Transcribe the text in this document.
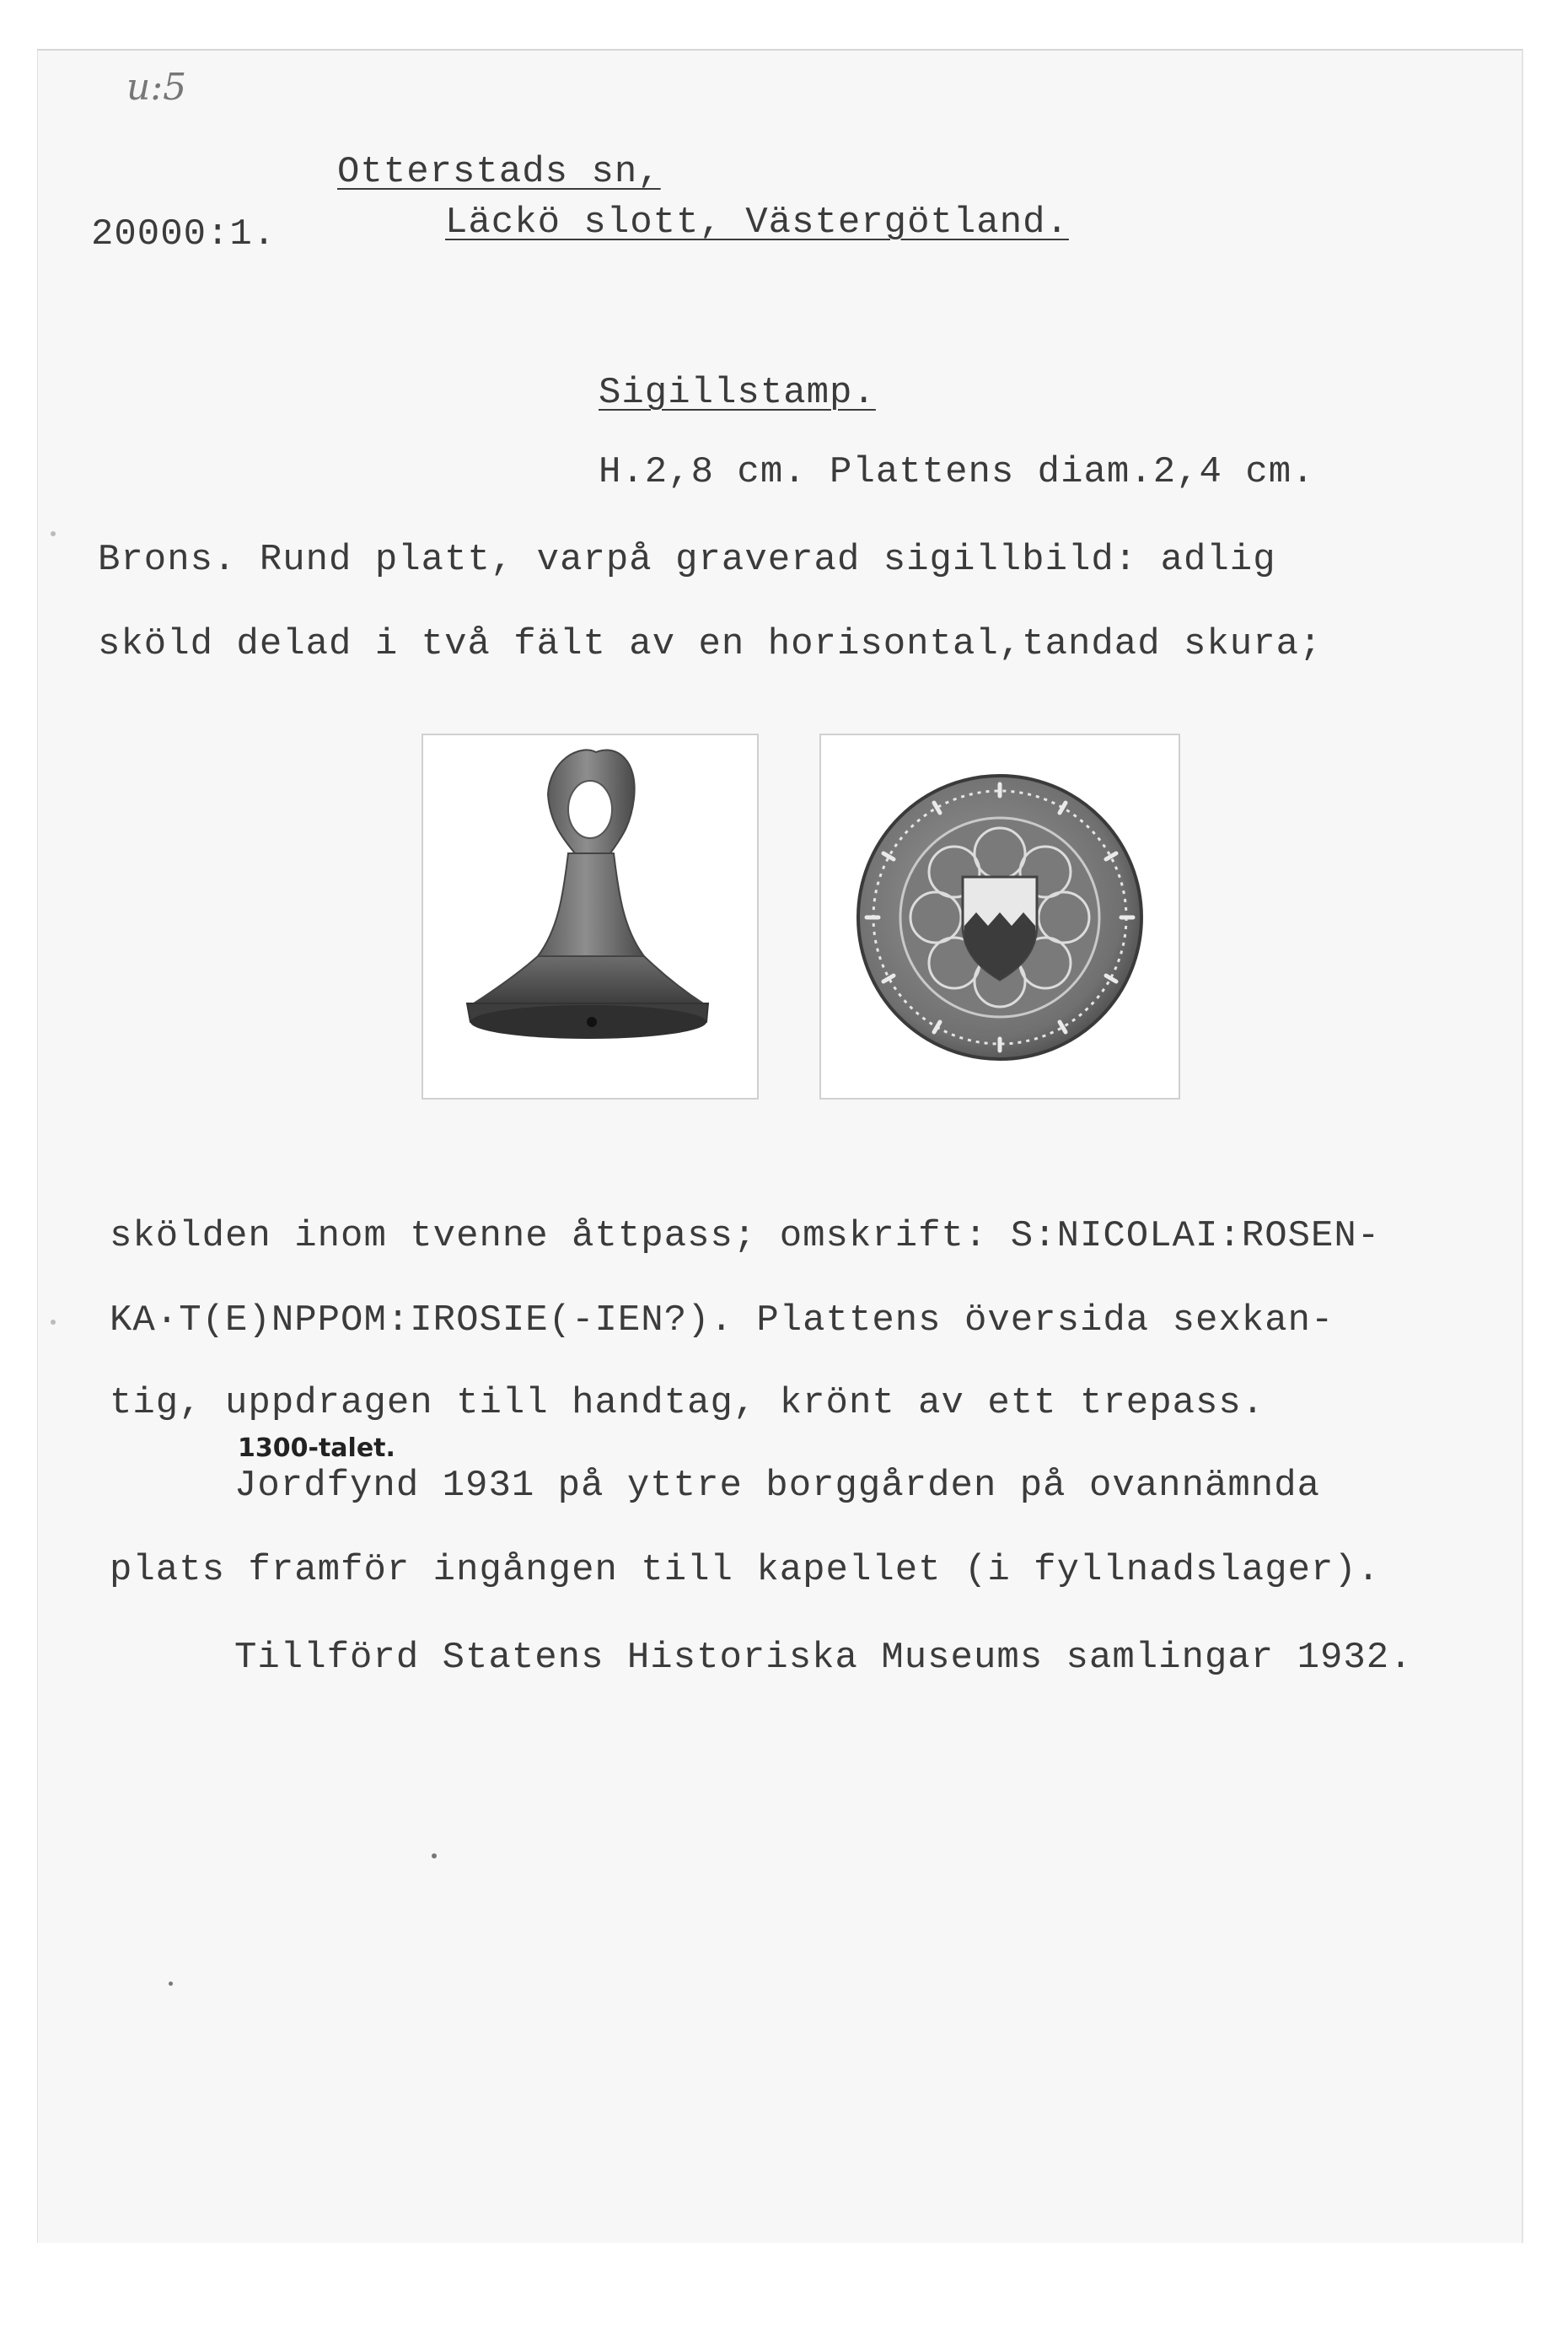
u:5
Otterstads sn,
20000:1.	Läckö slott, Västergötland.
Sigillstamp.
H.2,8 cm. Plattens diam.2,4 cm.
Brons. Rund platt, varpå graverad sigillbild: adlig
sköld delad i två fält av en horisontal,tandad skura;
skölden inom tvenne åttpass; omskrift: S:NICOLAI:ROSEN-
KA·T(E)NPPOM:IROSIE(-IEN?). Plattens översida sexkan-
tig, uppdragen till handtag, krönt av ett trepass.
1300-talet.
Jordfynd 1931 på yttre borggården på ovannämnda
plats framför ingången till kapellet (i fyllnadslager).
Tillförd Statens Historiska Museums samlingar 1932.
